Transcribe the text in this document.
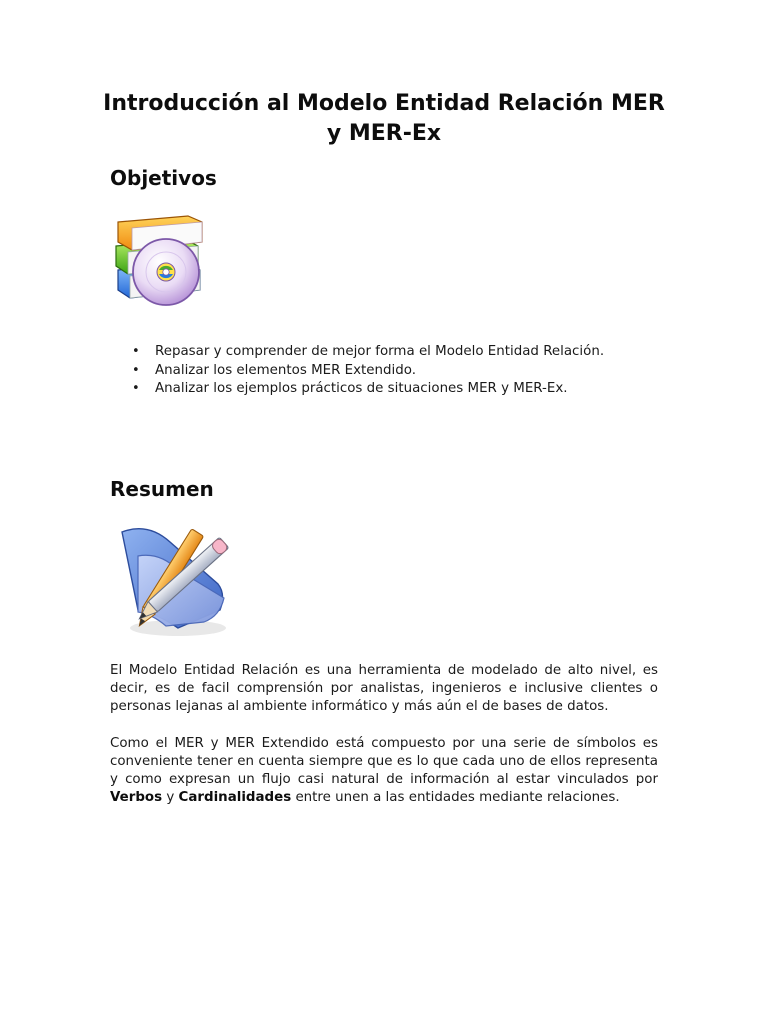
Introducción al Modelo Entidad Relación MER y MER-Ex
Objetivos
• Repasar y comprender de mejor forma el Modelo Entidad Relación.
• Analizar los elementos MER Extendido.
• Analizar los ejemplos prácticos de situaciones MER y MER-Ex.
Resumen

El Modelo Entidad Relación es una herramienta de modelado de alto nivel, es decir, es de facil comprensión por analistas, ingenieros e inclusive clientes o personas lejanas al ambiente informático y más aún el de bases de datos.

Como el MER y MER Extendido está compuesto por una serie de símbolos es conveniente tener en cuenta siempre que es lo que cada uno de ellos representa y como expresan un flujo casi natural de información al estar vinculados por Verbos y Cardinalidades entre unen a las entidades mediante relaciones.
